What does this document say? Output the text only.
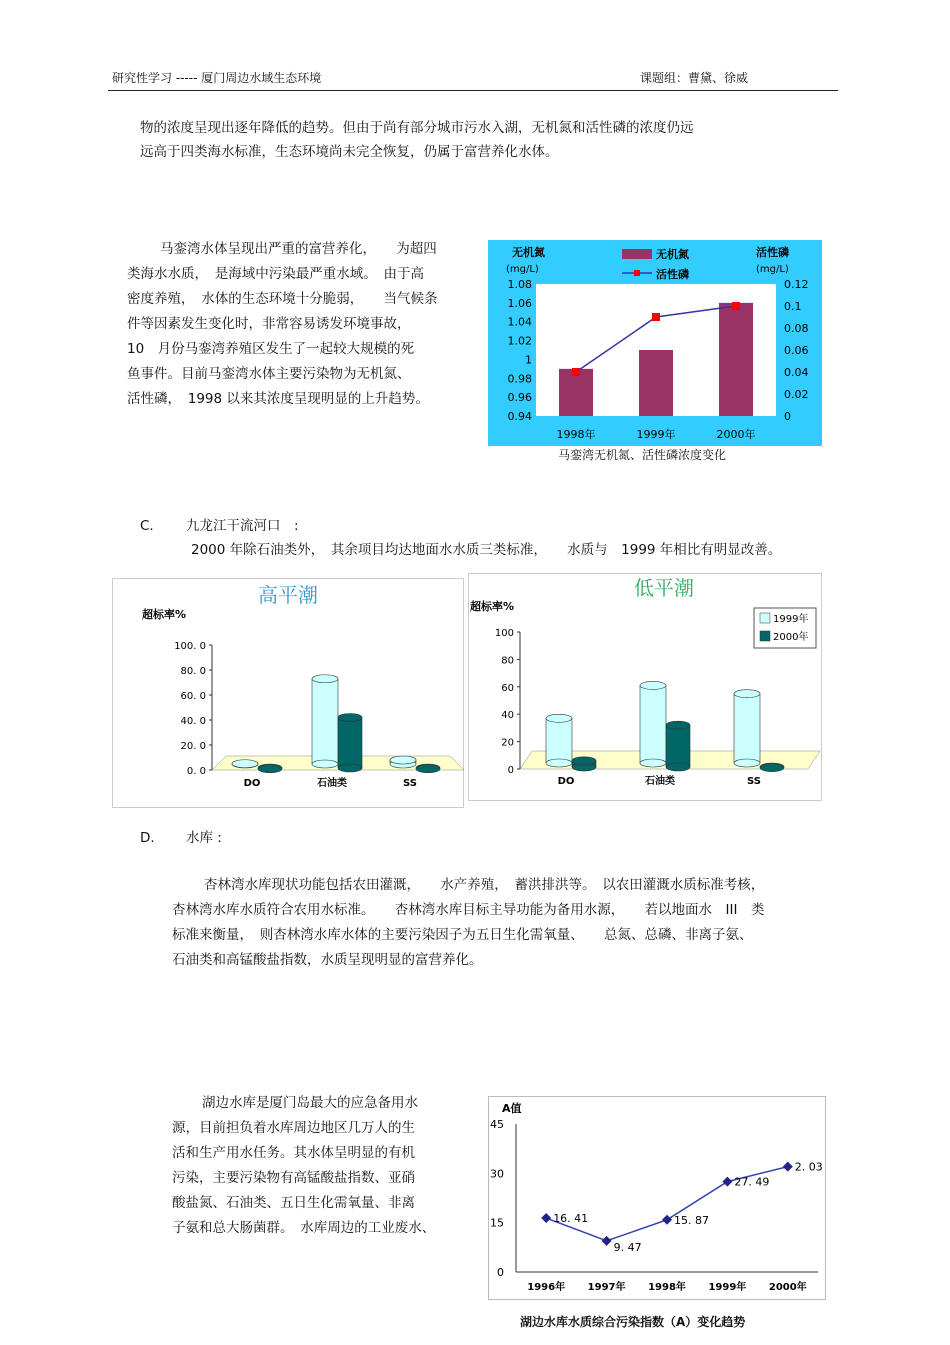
研究性学习 ----- 厦门周边水域生态环境	课题组：曹黛、徐威
物的浓度呈现出逐年降低的趋势。但由于尚有部分城市污水入湖，无机氮和活性磷的浓度仍远
远高于四类海水标准，生态环境尚未完全恢复，仍属于富营养化水体。
马銮湾水体呈现出严重的富营养化，　　为超四
类海水水质，　是海域中污染最严重水域。　由于高
密度养殖，　水体的生态环境十分脆弱，　　当气候条
件等因素发生变化时，非常容易诱发环境事故，
10　月份马銮湾养殖区发生了一起较大规模的死
鱼事件。目前马銮湾水体主要污染物为无机氮、
活性磷，　1998 以来其浓度呈现明显的上升趋势。
无机氮
(mg/L)
活性磷
(mg/L)
无机氮
活性磷
1.08
1.06
1.04
1.02
1
0.98
0.96
0.94
0.12
0.1
0.08
0.06
0.04
0.02
0
1998年	1999年	2000年
马銮湾无机氮、活性磷浓度变化
C. 九龙江干流河口　:
2000 年除石油类外，　其余项目均达地面水水质三类标准，　　水质与　1999 年相比有明显改善。
高平潮
超标率%
100. 0
80. 0
60. 0
40. 0
20. 0
0. 0
DO	石油类	SS
低平潮
超标率%
1999年
2000年
100
80
60
40
20
0
DO	石油类	SS
D. 水库 :
杏林湾水库现状功能包括农田灌溉，　　水产养殖，　蓄洪排洪等。　以农田灌溉水质标准考核，
杏林湾水库水质符合农用水标准。　　杏林湾水库目标主导功能为备用水源，　　若以地面水　III　类
标准来衡量，　则杏林湾水库水体的主要污染因子为五日生化需氧量、　　总氮、总磷、非离子氨、
石油类和高锰酸盐指数，水质呈现明显的富营养化。
湖边水库是厦门岛最大的应急备用水
源，目前担负着水库周边地区几万人的生
活和生产用水任务。其水体呈明显的有机
污染，主要污染物有高锰酸盐指数、亚硝
酸盐氮、石油类、五日生化需氧量、非离
子氨和总大肠菌群。　水库周边的工业废水、
A值
45
30
15
0
16. 41
9. 47
15. 87
27. 49
2. 03
1996年 1997年 1998年 1999年 2000年
湖边水库水质综合污染指数（A）变化趋势
